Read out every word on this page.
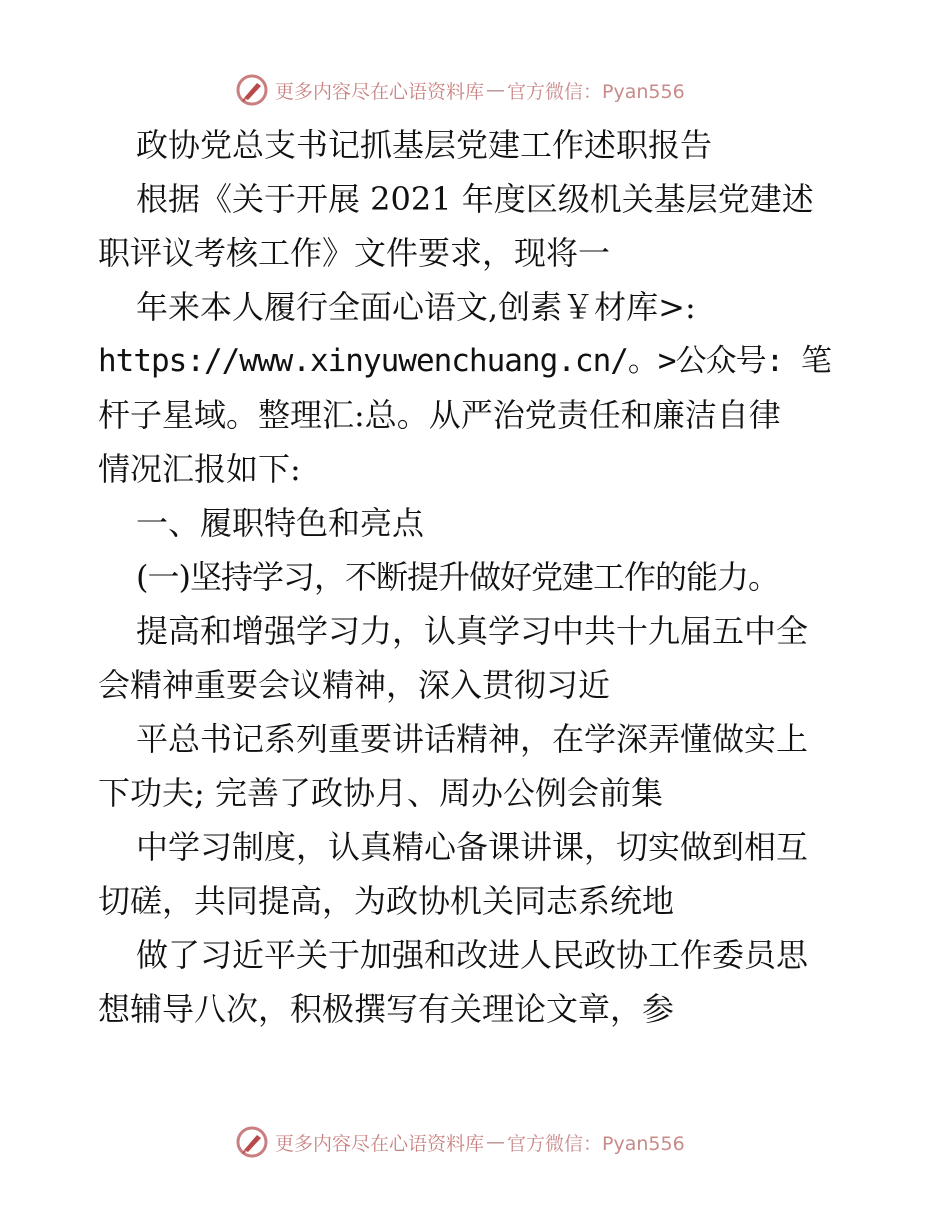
更多内容尽在心语资料库 — 官方微信：Pyan556
政协党总支书记抓基层党建工作述职报告
根据《关于开展 2021 年度区级机关基层党建述
职评议考核工作》文件要求，现将一
年来本人履行全面心语文,创素￥材库>:
https://www.xinyuwenchuang.cn/。>公众号: 笔
杆子星域。整理汇:总。从严治党责任和廉洁自律
情况汇报如下:
一、履职特色和亮点
(一)坚持学习，不断提升做好党建工作的能力。
提高和增强学习力，认真学习中共十九届五中全
会精神重要会议精神，深入贯彻习近
平总书记系列重要讲话精神，在学深弄懂做实上
下功夫; 完善了政协月、周办公例会前集
中学习制度，认真精心备课讲课，切实做到相互
切磋，共同提高，为政协机关同志系统地
做了习近平关于加强和改进人民政协工作委员思
想辅导八次，积极撰写有关理论文章，参
更多内容尽在心语资料库 — 官方微信：Pyan556
